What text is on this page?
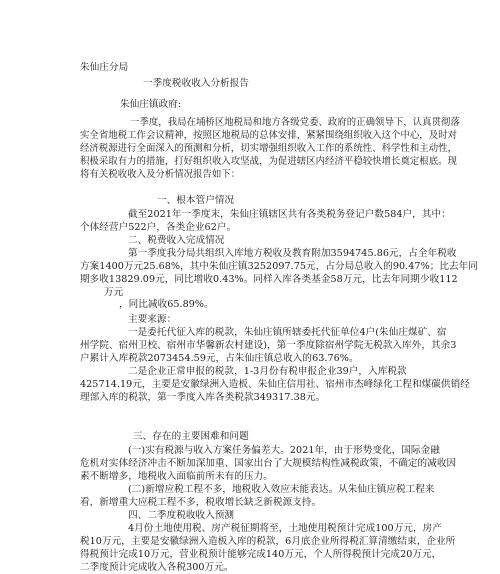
朱仙庄分局
一季度税收收入分析报告
朱仙庄镇政府:
一季度，我局在埇桥区地税局和地方各级党委、政府的正确领导下，认真贯彻落实全省地税工作会议精神，按照区地税局的总体安排，紧紧围绕组织收入这个中心，及时对经济税源进行全面深入的预测和分析，切实增强组织收入工作的系统性、科学性和主动性，积极采取有力的措施，打好组织收入攻坚战，为促进辖区内经济平稳较快增长奠定根底。现将有关税收收入及分析情况报告如下：
一、根本管户情况
截至2021年一季度末，朱仙庄镇辖区共有各类税务登记户数584户，其中：
个体经营户522户，各类企业62户。
二、税费收入完成情况
第一季度我分局共组织入库地方税收及教育附加3594745.86元，占全年税收
方案1400万元25.68%，其中朱仙庄镇3252097.75元，占分局总收入的90.47%；比去年同
期多收13829.09元，同比增收0.43%。同样入库各类基金58万元，比去年同期少收112
万元
，同比减收65.89%。
主要来源：
一是委托代征入库的税款，朱仙庄镇所辖委托代征单位4户(朱仙庄煤矿、宿
州学院、宿州卫校、宿州市华馨新农村建设)，第一季度除宿州学院无税款入库外，其余3
户累计入库税款2073454.59元，占朱仙庄镇总收入的63.76%。
二是企业正常申报的税款，1-3月份有税申报企业39户，入库税款
425714.19元，主要是安徽绿洲入造板、朱仙庄信用社、宿州市杰峰绿化工程和煤碳供销经
理部入库的税款，第一季度入库各类税款349317.38元。
三、存在的主要困难和问题
(一)实有税源与收入方案任务偏差大。2021年，由于形势变化，国际金融
危机对实体经济冲击不断加深加重、国家出台了大规模结构性减税政策，不确定的减收因
素不断增多，地税收入面临前所未有的压力。
(二)新增应税工程不多，地税收入效应未能表达。从朱仙庄镇应税工程来
看，新增重大应税工程不多，税收增长缺乏新税源支持。
四、二季度税收收入预测
4月份土地使用税、房产税征期将至，土地使用税预计完成100万元，房产
税10万元，主要是安徽绿洲入造板入库的税款，6月底企业所得税汇算清缴结束，企业所
得税预计完成10万元，营业税预计能够完成140万元，个人所得税预计完成20万元，
二季度预计完成收入各税300万元。
